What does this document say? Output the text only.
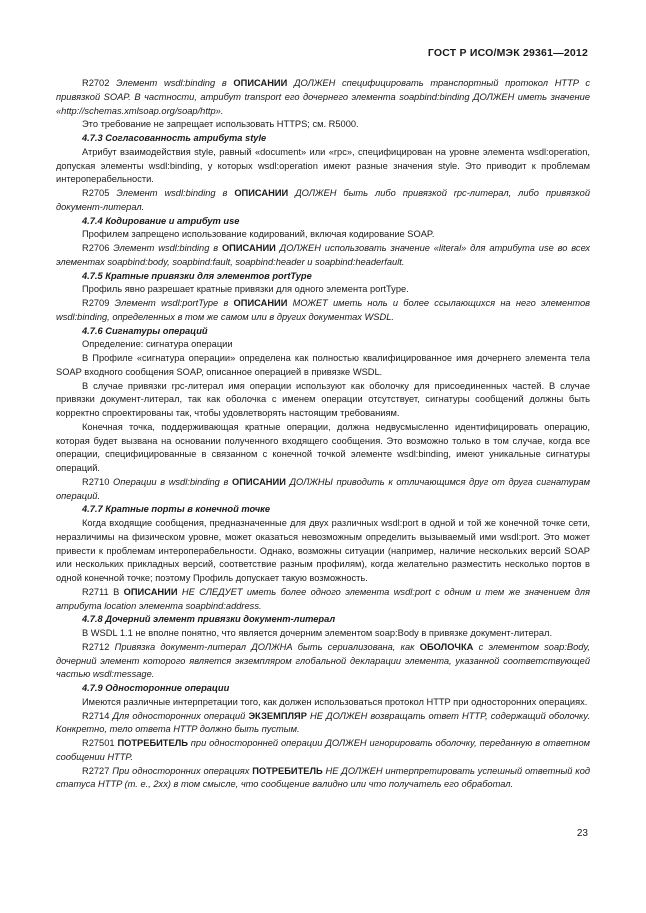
ГОСТ Р ИСО/МЭК 29361—2012

R2702 Элемент wsdl:binding в ОПИСАНИИ ДОЛЖЕН специфицировать транспортный протокол HTTP с привязкой SOAP. В частности, атрибут transport его дочернего элемента soapbind:binding ДОЛЖЕН иметь значение «http://schemas.xmlsoap.org/soap/http».

Это требование не запрещает использовать HTTPS; см. R5000.

4.7.3 Согласованность атрибута style

Атрибут взаимодействия style, равный «document» или «rpc», специфицирован на уровне элемента wsdl:operation, допуская элементы wsdl:binding, у которых wsdl:operation имеют разные значения style. Это приводит к проблемам интероперабельности.

R2705 Элемент wsdl:binding в ОПИСАНИИ ДОЛЖЕН быть либо привязкой rpc-литерал, либо привязкой документ-литерал.

4.7.4 Кодирование и атрибут use

Профилем запрещено использование кодирований, включая кодирование SOAP.

R2706 Элемент wsdl:binding в ОПИСАНИИ ДОЛЖЕН использовать значение «literal» для атрибута use во всех элементах soapbind:body, soapbind:fault, soapbind:header и soapbind:headerfault.

4.7.5 Кратные привязки для элементов portType

Профиль явно разрешает кратные привязки для одного элемента portType.

R2709 Элемент wsdl:portType в ОПИСАНИИ МОЖЕТ иметь ноль и более ссылающихся на него элементов wsdl:binding, определенных в том же самом или в других документах WSDL.

4.7.6 Сигнатуры операций

Определение: сигнатура операции

В Профиле «сигнатура операции» определена как полностью квалифицированное имя дочернего элемента тела SOAP входного сообщения SOAP, описанное операцией в привязке WSDL.

В случае привязки rpc-литерал имя операции используют как оболочку для присоединенных частей. В случае привязки документ-литерал, так как оболочка с именем операции отсутствует, сигнатуры сообщений должны быть корректно спроектированы так, чтобы удовлетворять настоящим требованиям.

Конечная точка, поддерживающая кратные операции, должна недвусмысленно идентифицировать операцию, которая будет вызвана на основании полученного входящего сообщения. Это возможно только в том случае, когда все операции, специфицированные в связанном с конечной точкой элементе wsdl:binding, имеют уникальные сигнатуры операций.

R2710 Операции в wsdl:binding в ОПИСАНИИ ДОЛЖНЫ приводить к отличающимся друг от друга сигнатурам операций.

4.7.7 Кратные порты в конечной точке

Когда входящие сообщения, предназначенные для двух различных wsdl:port в одной и той же конечной точке сети, неразличимы на физическом уровне, может оказаться невозможным определить вызываемый ими wsdl:port. Это может привести к проблемам интероперабельности. Однако, возможны ситуации (например, наличие нескольких версий SOAP или нескольких прикладных версий, соответствие разным профилям), когда желательно разместить несколько портов в одной конечной точке; поэтому Профиль допускает такую возможность.

R2711 В ОПИСАНИИ НЕ СЛЕДУЕТ иметь более одного элемента wsdl:port с одним и тем же значением для атрибута location элемента soapbind:address.

4.7.8 Дочерний элемент привязки документ-литерал

В WSDL 1.1 не вполне понятно, что является дочерним элементом soap:Body в привязке документ-литерал.

R2712 Привязка документ-литерал ДОЛЖНА быть сериализована, как ОБОЛОЧКА с элементом soap:Body, дочерний элемент которого является экземпляром глобальной декларации элемента, указанной соответствующей частью wsdl:message.

4.7.9 Односторонние операции

Имеются различные интерпретации того, как должен использоваться протокол HTTP при односторонних операциях.

R2714 Для односторонних операций ЭКЗЕМПЛЯР НЕ ДОЛЖЕН возвращать ответ HTTP, содержащий оболочку. Конкретно, тело ответа HTTP должно быть пустым.

R27501 ПОТРЕБИТЕЛЬ при односторонней операции ДОЛЖЕН игнорировать оболочку, переданную в ответном сообщении HTTP.

R2727 При односторонних операциях ПОТРЕБИТЕЛЬ НЕ ДОЛЖЕН интерпретировать успешный ответный код статуса HTTP (т. е., 2xx) в том смысле, что сообщение валидно или что получатель его обработал.

23
